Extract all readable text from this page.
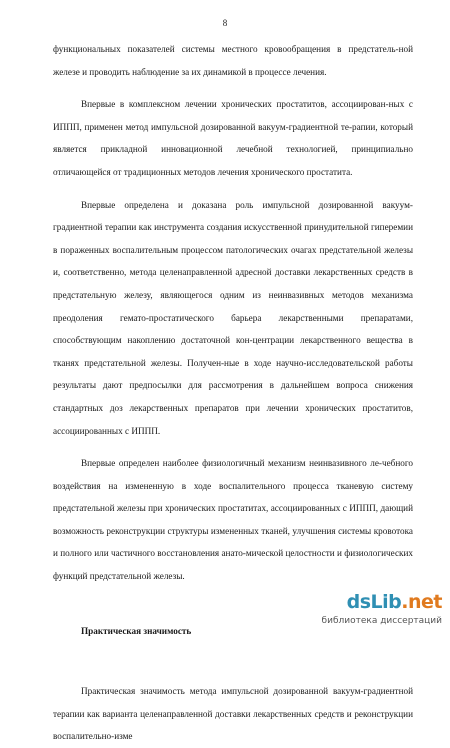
8

функциональных показателей системы местного кровообращения в предстатель-ной железе и проводить наблюдение за их динамикой в процессе лечения.

Впервые в комплексном лечении хронических простатитов, ассоциирован-ных с ИППП, применен метод импульсной дозированной вакуум-градиентной те-рапии, который является прикладной инновационной лечебной технологией, принципиально отличающейся от традиционных методов лечения хронического простатита.

Впервые определена и доказана роль импульсной дозированной вакуум-градиентной терапии как инструмента создания искусственной принудительной гиперемии в пораженных воспалительным процессом патологических очагах предстательной железы и, соответственно, метода целенаправленной адресной доставки лекарственных средств в предстательную железу, являющегося одним из неинвазивных методов механизма преодоления гемато-простатического барьера лекарственными препаратами, способствующим накоплению достаточной кон-центрации лекарственного вещества в тканях предстательной железы. Получен-ные в ходе научно-исследовательской работы результаты дают предпосылки для рассмотрения в дальнейшем вопроса снижения стандартных доз лекарственных препаратов при лечении хронических простатитов, ассоциированных с ИППП.

Впервые определен наиболее физиологичный механизм неинвазивного ле-чебного воздействия на измененную в ходе воспалительного процесса тканевую систему предстательной железы при хронических простатитах, ассоциированных с ИППП, дающий возможность реконструкции структуры измененных тканей, улучшения системы кровотока и полного или частичного восстановления анато-мической целостности и физиологических функций предстательной железы.

Практическая значимость

Практическая значимость метода импульсной дозированной вакуум-градиентной терапии как варианта целенаправленной доставки лекарственных средств и реконструкции воспалительно-изме

dsLib.net
библиотека диссертаций
